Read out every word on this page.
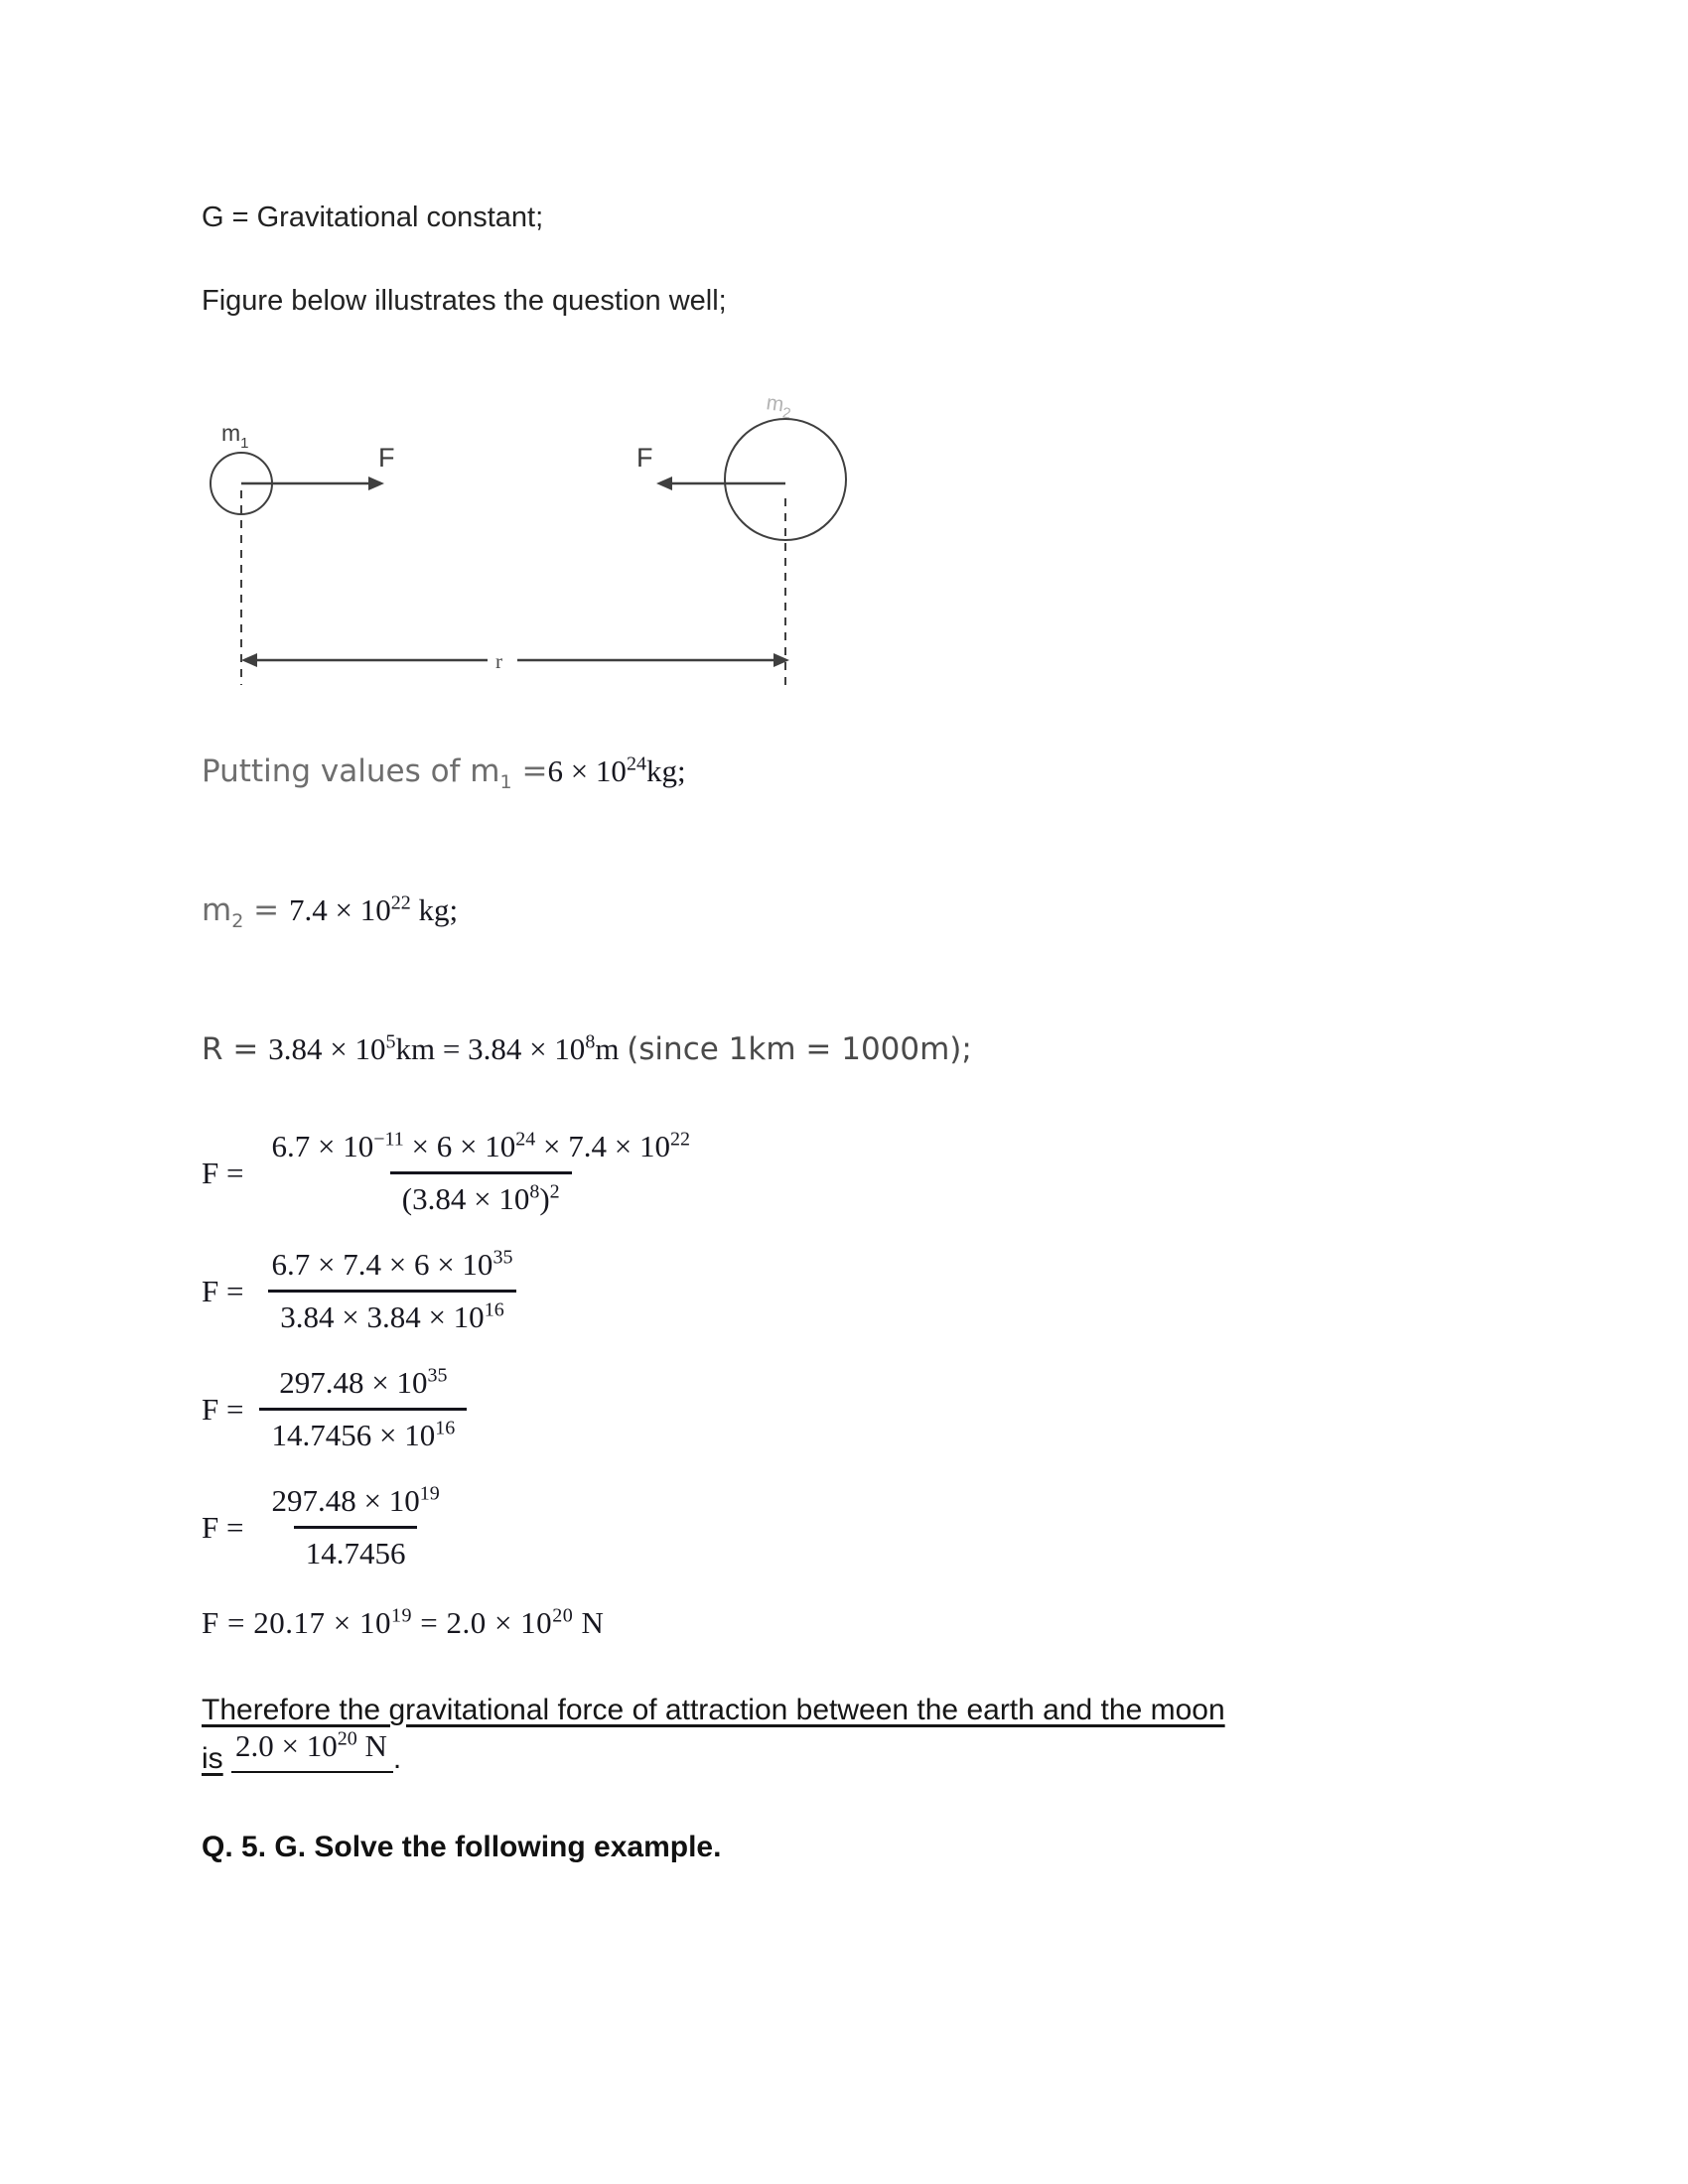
G = Gravitational constant;
Figure below illustrates the question well;
$m_1$	F
$m_2$
F
r
Putting values of $m_1 =6 \times 10^{24}kg$;
$m_2 = 7.4 \times 10^{22}$ kg;
$R = 3.84 \times 10^5km = 3.84 \times 10^8m$ (since 1km = 1000m);
$F = \frac{6.7 \times 10^{-11} \times 6 \times 10^{24} \times 7.4 \times 10^{22}}{(3.84 \times 10^8)^2}$
$F = \frac{6.7 \times 7.4 \times 6 \times 10^{35}}{3.84 \times 3.84 \times 10^{16}}$
$F = \frac{297.48 \times 10^{35}}{14.7456 \times 10^{16}}$
$F = \frac{297.48 \times 10^{19}}{14.7456}$
$F = 20.17 \times 10^{19} = 2.0 \times 10^{20}$ N
Therefore the gravitational force of attraction between the earth and the moon
is $2.0 \times 10^{20}$ N .
Q. 5. G. Solve the following example.
